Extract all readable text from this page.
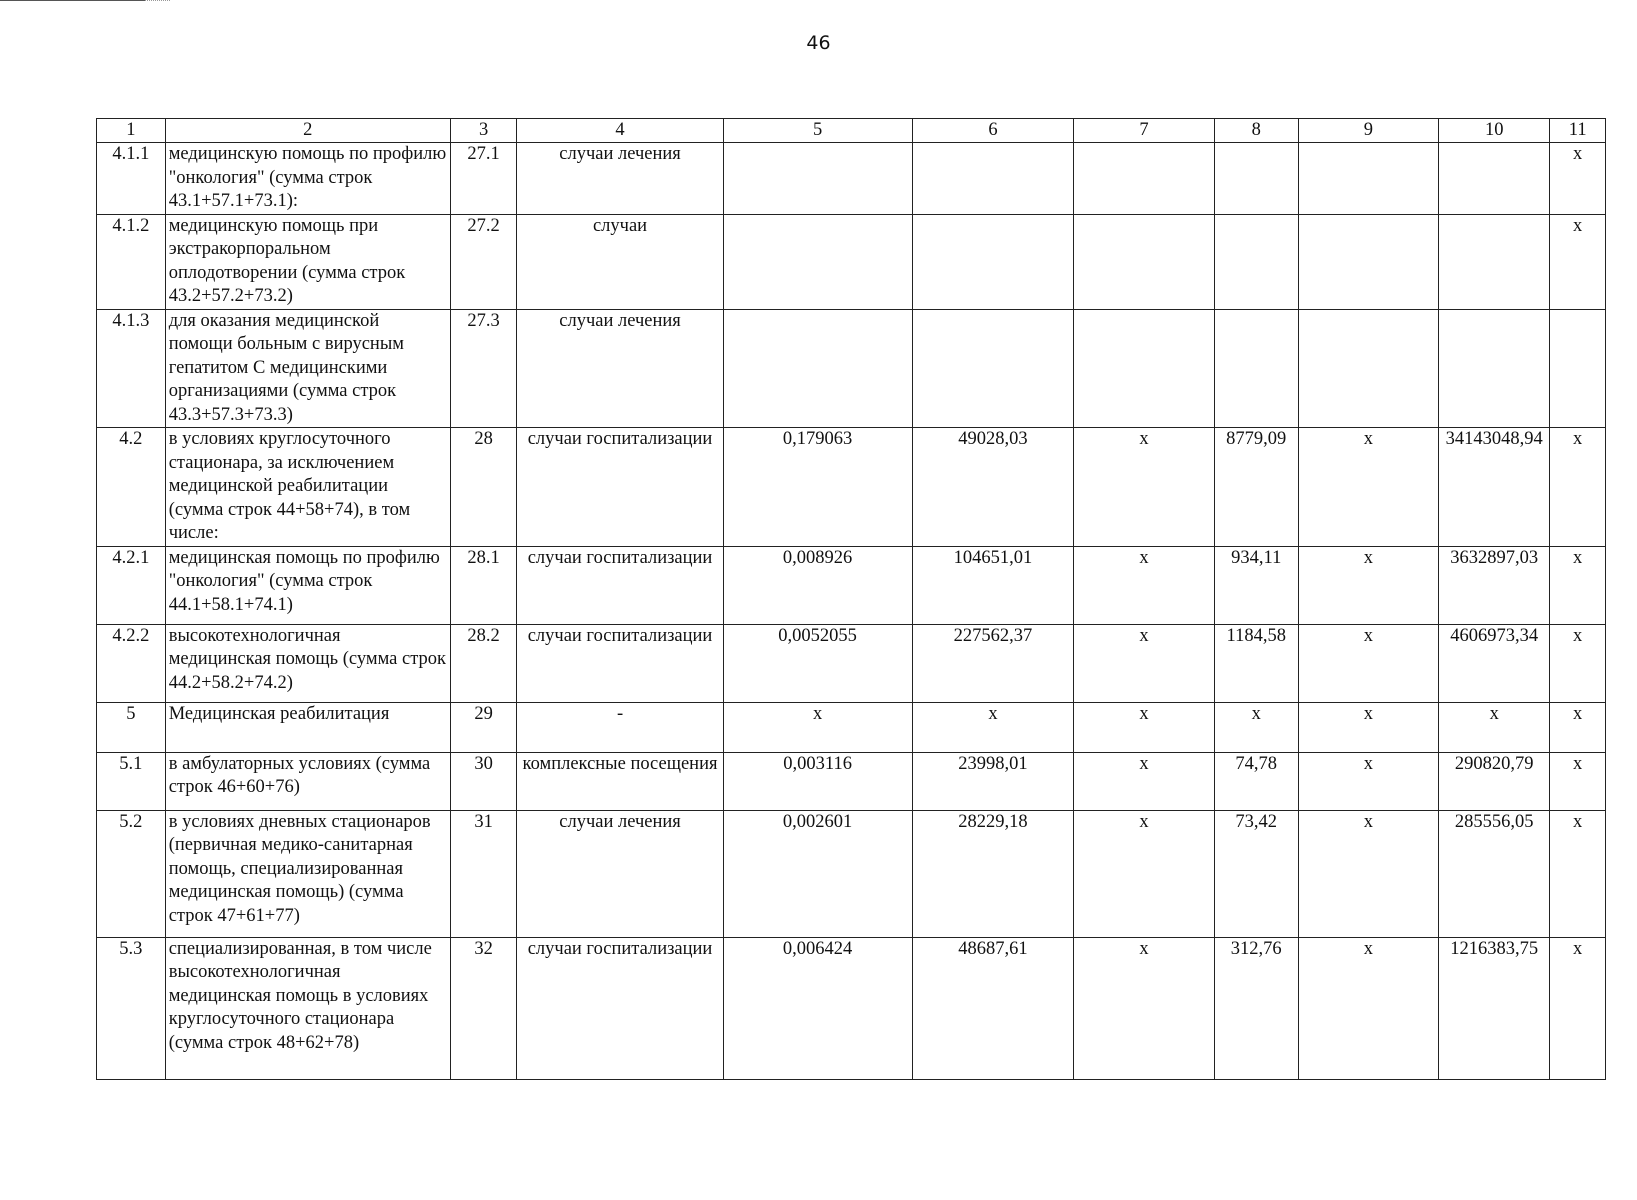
46
1	2	3	4	5	6	7	8	9	10	11
4.1.1	медицинскую помощь по профилю "онкология" (сумма строк 43.1+57.1+73.1):	27.1	случаи лечения							х
4.1.2	медицинскую помощь при экстракорпоральном оплодотворении (сумма строк 43.2+57.2+73.2)	27.2	случаи							х
4.1.3	для оказания медицинской помощи больным с вирусным гепатитом С медицинскими организациями (сумма строк 43.3+57.3+73.3)	27.3	случаи лечения							
4.2	в условиях круглосуточного стационара, за исключением медицинской реабилитации (сумма строк 44+58+74), в том числе:	28	случаи госпитализации	0,179063	49028,03	х	8779,09	х	34143048,94	х
4.2.1	медицинская помощь по профилю "онкология" (сумма строк 44.1+58.1+74.1)	28.1	случаи госпитализации	0,008926	104651,01	х	934,11	х	3632897,03	х
4.2.2	высокотехнологичная медицинская помощь (сумма строк 44.2+58.2+74.2)	28.2	случаи госпитализации	0,0052055	227562,37	х	1184,58	х	4606973,34	х
5	Медицинская реабилитация	29	-	х	х	х	х	х	х	х
5.1	в амбулаторных условиях (сумма строк 46+60+76)	30	комплексные посещения	0,003116	23998,01	х	74,78	х	290820,79	х
5.2	в условиях дневных стационаров (первичная медико-санитарная помощь, специализированная медицинская помощь) (сумма строк 47+61+77)	31	случаи лечения	0,002601	28229,18	х	73,42	х	285556,05	х
5.3	специализированная, в том числе высокотехнологичная медицинская помощь в условиях круглосуточного стационара (сумма строк 48+62+78)	32	случаи госпитализации	0,006424	48687,61	х	312,76	х	1216383,75	х
